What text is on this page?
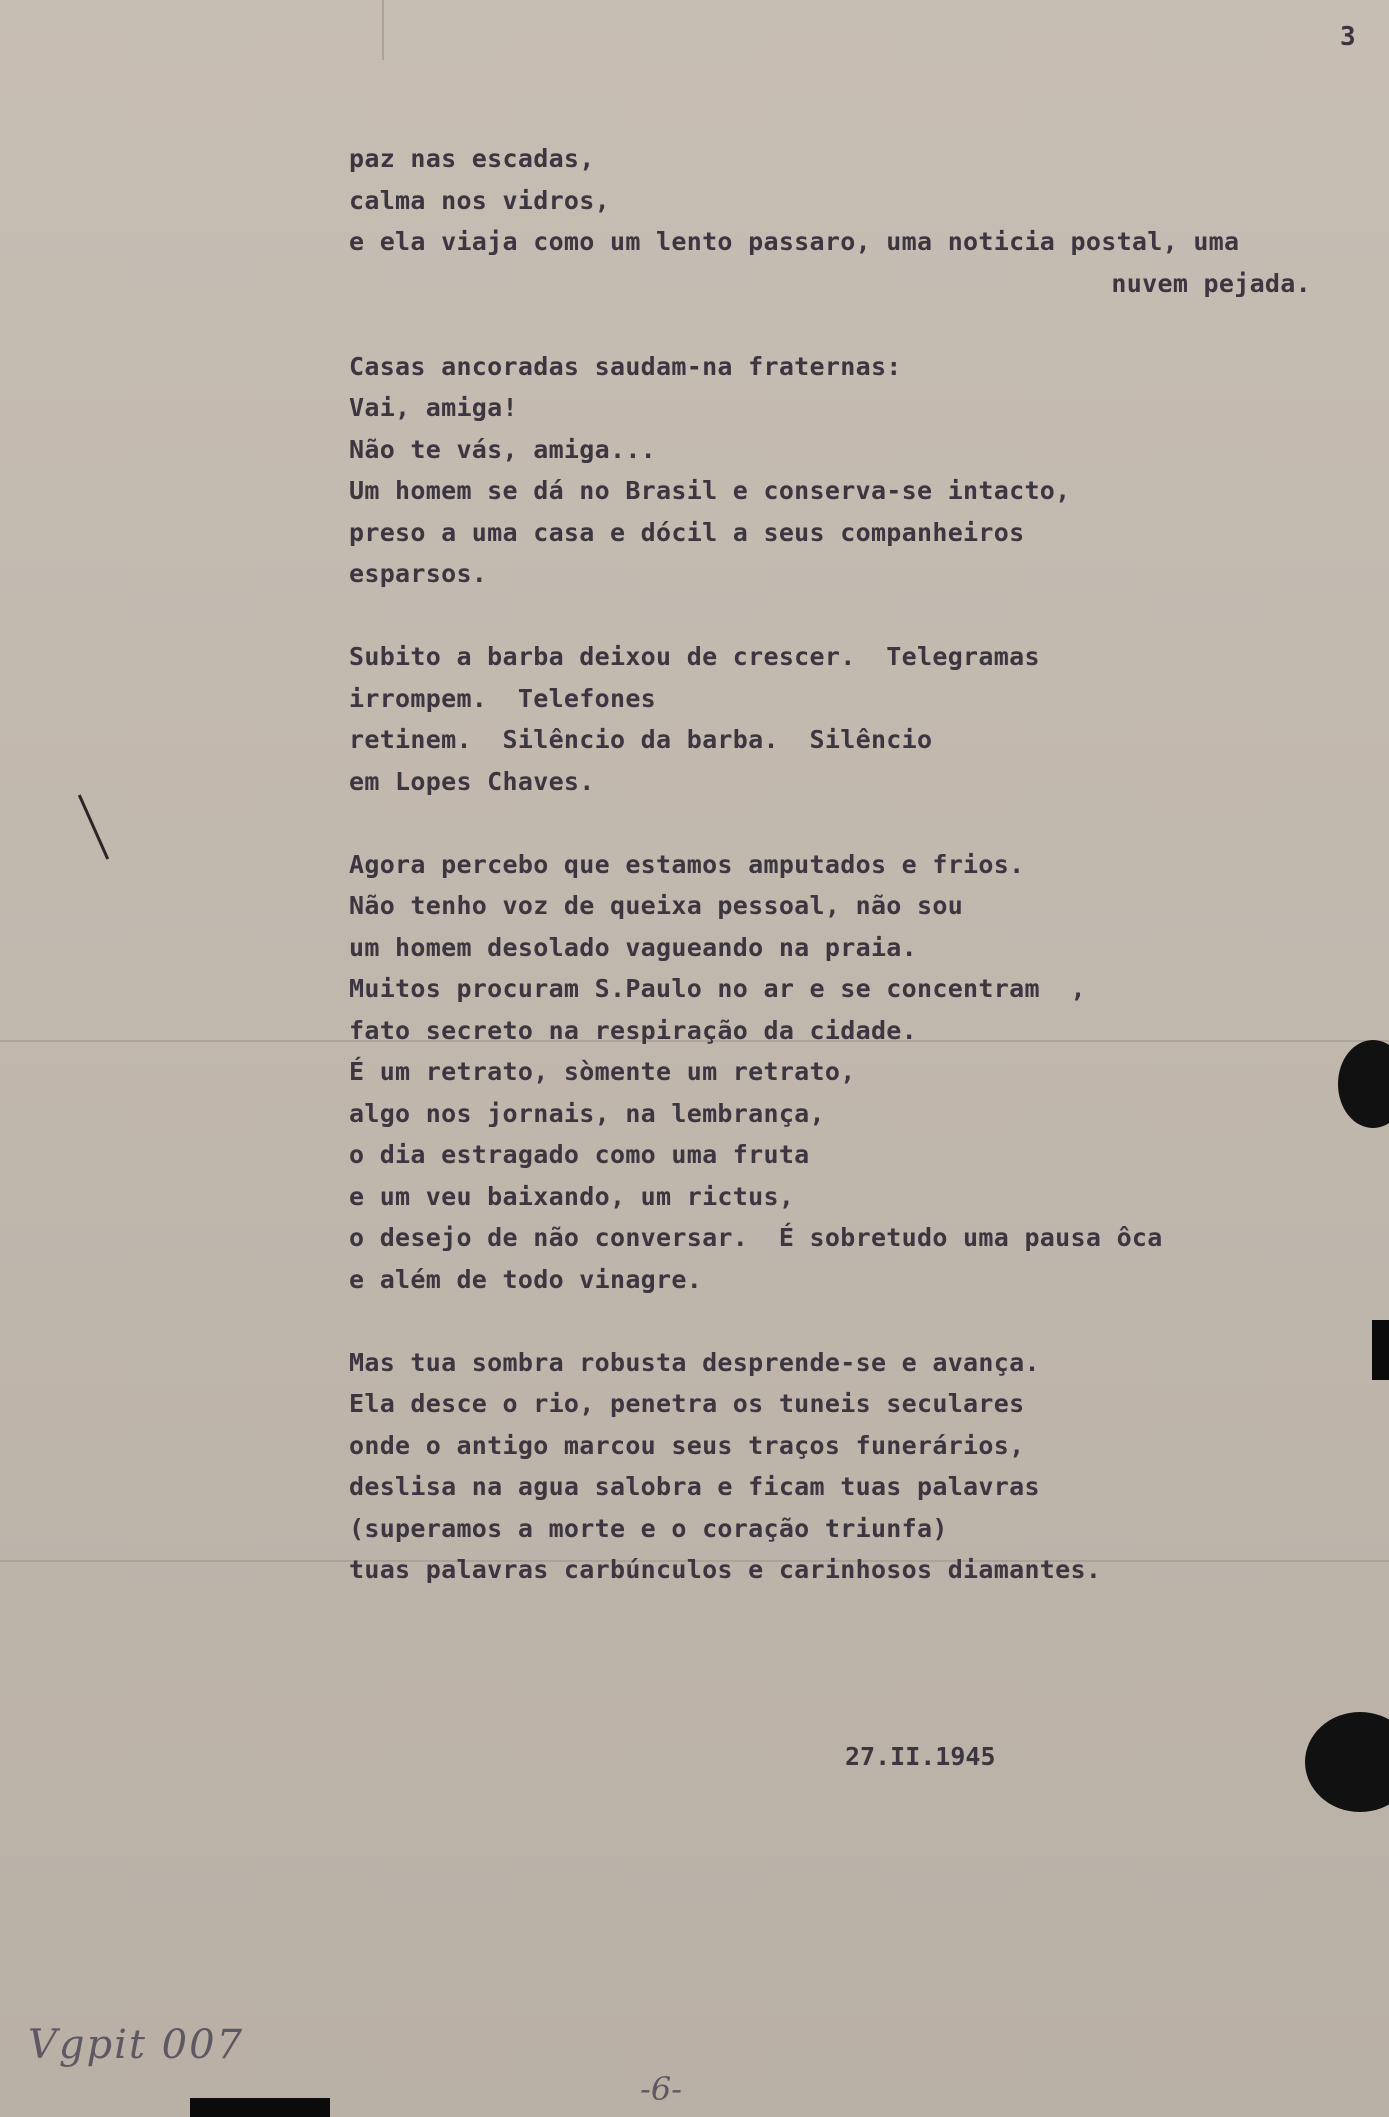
3
paz nas escadas,
calma nos vidros,
e ela viaja como um lento passaro, uma noticia postal, uma
nuvem pejada.
Casas ancoradas saudam-na fraternas:
Vai, amiga!
Não te vás, amiga...
Um homem se dá no Brasil e conserva-se intacto,
preso a uma casa e dócil a seus companheiros
esparsos.
Subito a barba deixou de crescer.  Telegramas
irrompem.  Telefones
retinem.  Silêncio da barba.  Silêncio
em Lopes Chaves.
Agora percebo que estamos amputados e frios.
Não tenho voz de queixa pessoal, não sou
um homem desolado vagueando na praia.
Muitos procuram S.Paulo no ar e se concentram  ,
fato secreto na respiração da cidade.
É um retrato, sòmente um retrato,
algo nos jornais, na lembrança,
o dia estragado como uma fruta
e um veu baixando, um rictus,
o desejo de não conversar.  É sobretudo uma pausa ôca
e além de todo vinagre.
Mas tua sombra robusta desprende-se e avança.
Ela desce o rio, penetra os tuneis seculares
onde o antigo marcou seus traços funerários,
deslisa na agua salobra e ficam tuas palavras
(superamos a morte e o coração triunfa)
tuas palavras carbúnculos e carinhosos diamantes.
27.II.1945
Vgpit 007
-6-
